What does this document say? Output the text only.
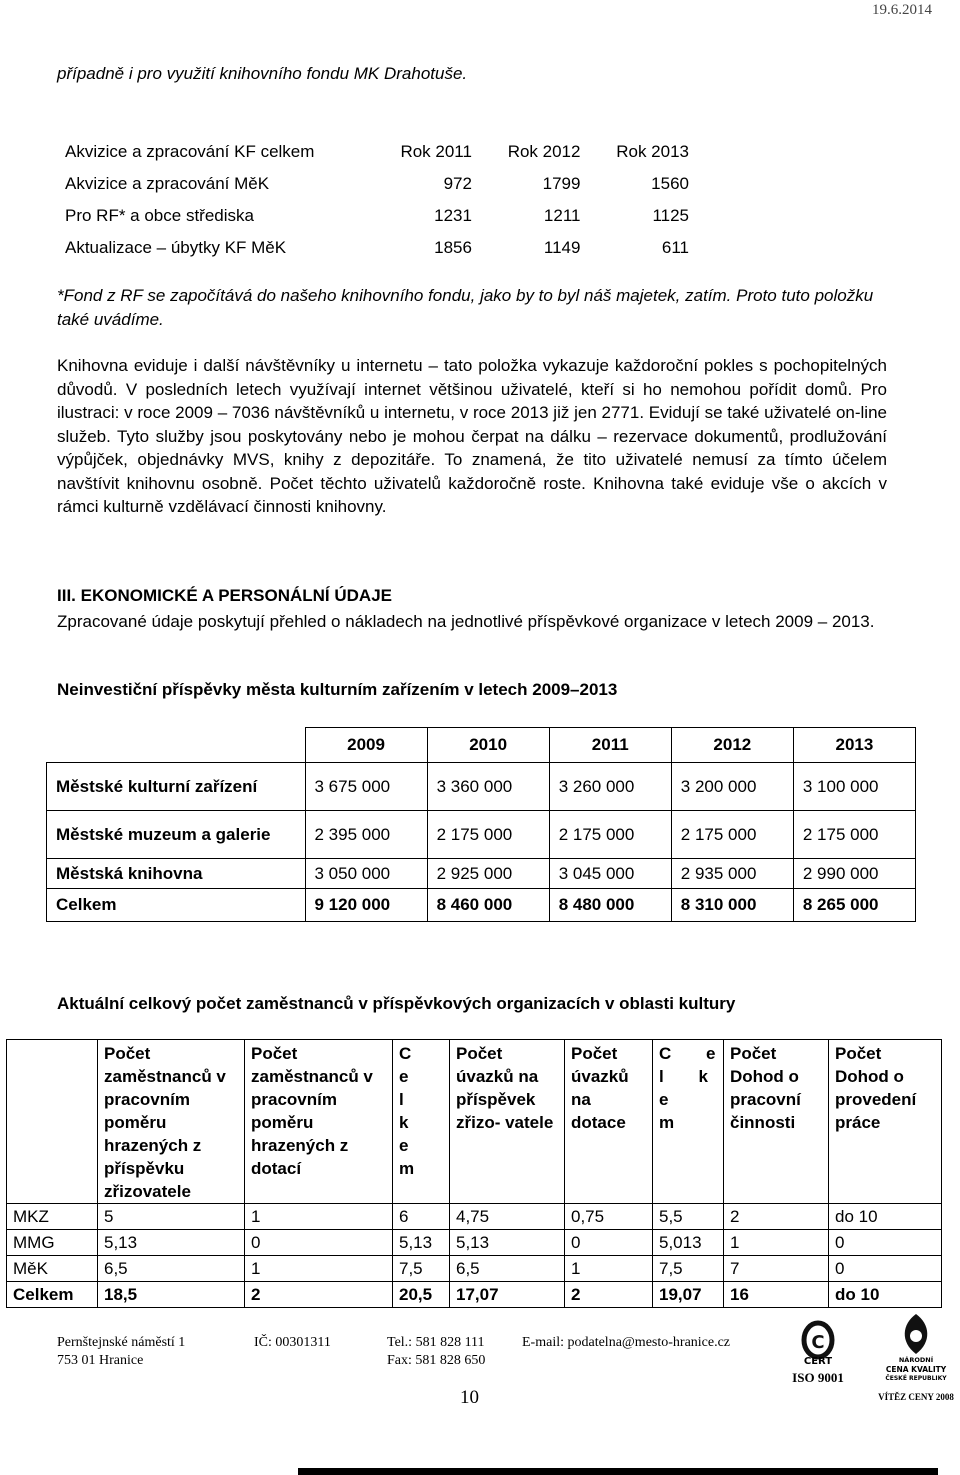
19.6.2014
případně i pro využití knihovního fondu MK Drahotuše.
Akvizice a zpracování KF celkem	Rok 2011	Rok 2012	Rok 2013
Akvizice a zpracování MěK	972	1799	1560
Pro RF* a obce střediska	1231	1211	1125
Aktualizace – úbytky KF MěK	1856	1149	611
*Fond z RF se započítává do našeho knihovního fondu, jako by to byl náš majetek, zatím. Proto tuto položku také uvádíme.
Knihovna eviduje i další návštěvníky u internetu – tato položka vykazuje každoroční pokles s pochopitelných důvodů. V posledních letech využívají internet většinou uživatelé, kteří si ho nemohou pořídit domů. Pro ilustraci: v roce 2009 – 7036 návštěvníků u internetu, v roce 2013 již jen 2771. Evidují se také uživatelé on-line služeb. Tyto služby jsou poskytovány nebo je mohou čerpat na dálku – rezervace dokumentů, prodlužování výpůjček, objednávky MVS, knihy z depozitáře. To znamená, že tito uživatelé nemusí za tímto účelem navštívit knihovnu osobně. Počet těchto uživatelů každoročně roste. Knihovna také eviduje vše o akcích v rámci kulturně vzdělávací činnosti knihovny.
III. EKONOMICKÉ A PERSONÁLNÍ ÚDAJE
Zpracované údaje poskytují přehled o nákladech na jednotlivé příspěvkové organizace v letech 2009 – 2013.
Neinvestiční příspěvky města kulturním zařízením v letech 2009–2013
	2009	2010	2011	2012	2013
Městské kulturní zařízení	3 675 000	3 360 000	3 260 000	3 200 000	3 100 000
Městské muzeum a galerie	2 395 000	2 175 000	2 175 000	2 175 000	2 175 000
Městská knihovna	3 050 000	2 925 000	3 045 000	2 935 000	2 990 000
Celkem	9 120 000	8 460 000	8 480 000	8 310 000	8 265 000
Aktuální celkový počet zaměstnanců v příspěvkových organizacích v oblasti kultury
	Počet zaměstnanců v pracovním poměru hrazených z příspěvku zřizovatele	Počet zaměstnanců v pracovním poměru hrazených z dotací	C e l k e m	Počet úvazků na příspěvek zřizo- vatele	Počet úvazků na dotace	C e l k e m	Počet Dohod o pracovní činnosti	Počet Dohod o provedení práce
MKZ	5	1	6	4,75	0,75	5,5	2	do 10
MMG	5,13	0	5,13	5,13	0	5,013	1	0
MěK	6,5	1	7,5	6,5	1	7,5	7	0
Celkem	18,5	2	20,5	17,07	2	19,07	16	do 10
Pernštejnské náměstí 1
753 01 Hranice
IČ: 00301311	Tel.: 581 828 111
Fax: 581 828 650
E-mail: podatelna@mesto-hranice.cz
10
C
CERT
ISO 9001
NÁRODNÍ
CENA KVALITY
ČESKÉ REPUBLIKY
VÍTĚZ CENY 2008
